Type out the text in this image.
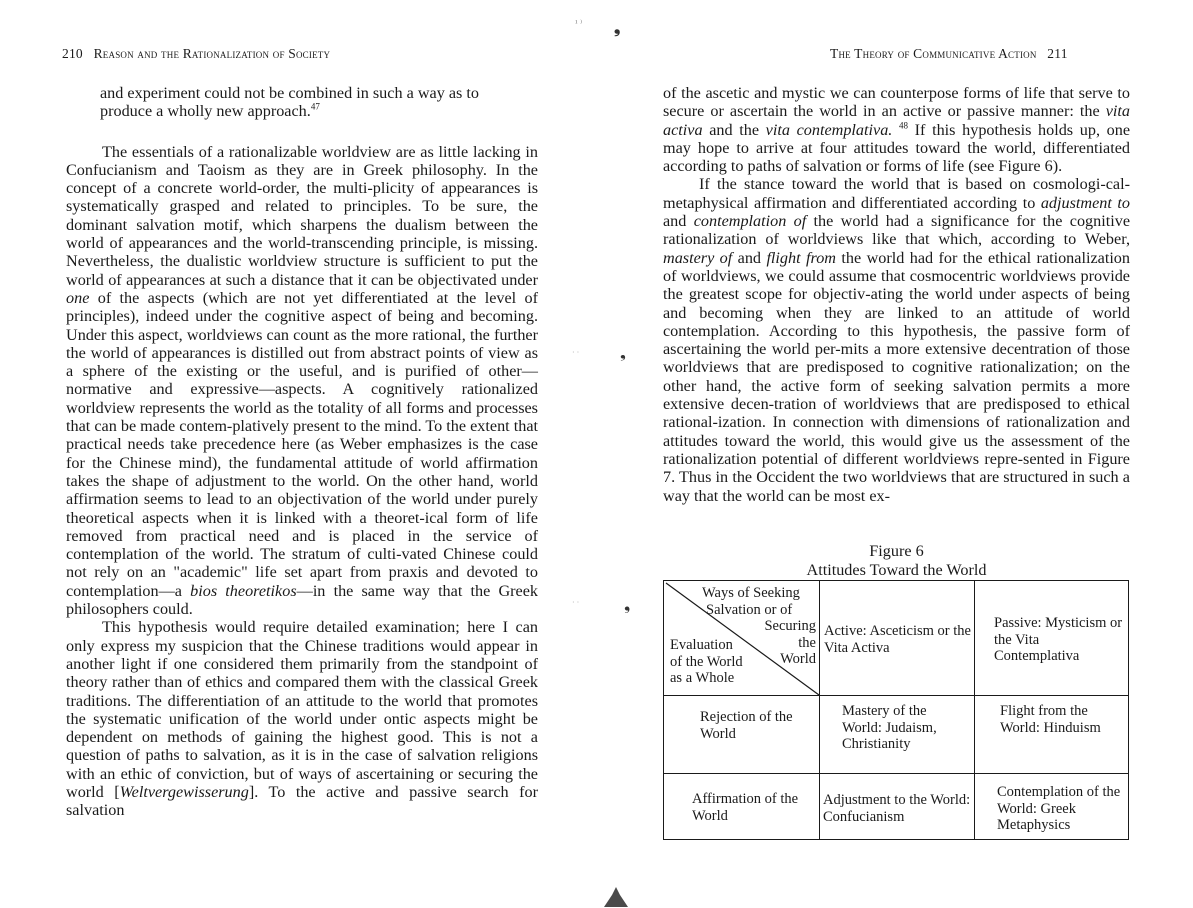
210 Reason and the Rationalization of Society	The Theory of Communicative Action 211
¹ ⁾ ❟
❟
❟
· ·
· ·

and experiment could not be combined in such a way as to produce a wholly new approach.$^{47}$

The essentials of a rationalizable worldview are as little lacking in Confucianism and Taoism as they are in Greek philosophy. In the concept of a concrete world-order, the multi-plicity of appearances is systematically grasped and related to principles. To be sure, the dominant salvation motif, which sharpens the dualism between the world of appearances and the world-transcending principle, is missing. Nevertheless, the dualistic worldview structure is sufficient to put the world of appearances at such a distance that it can be objectivated under one of the aspects (which are not yet differentiated at the level of principles), indeed under the cognitive aspect of being and becoming. Under this aspect, worldviews can count as the more rational, the further the world of appearances is distilled out from abstract points of view as a sphere of the existing or the useful, and is purified of other—normative and expressive—aspects. A cognitively rationalized worldview represents the world as the totality of all forms and processes that can be made contem-platively present to the mind. To the extent that practical needs take precedence here (as Weber emphasizes is the case for the Chinese mind), the fundamental attitude of world affirmation takes the shape of adjustment to the world. On the other hand, world affirmation seems to lead to an objectivation of the world under purely theoretical aspects when it is linked with a theoret-ical form of life removed from practical need and is placed in the service of contemplation of the world. The stratum of culti-vated Chinese could not rely on an "academic" life set apart from praxis and devoted to contemplation—a bios theoretikos—in the same way that the Greek philosophers could.

This hypothesis would require detailed examination; here I can only express my suspicion that the Chinese traditions would appear in another light if one considered them primarily from the standpoint of theory rather than of ethics and compared them with the classical Greek traditions. The differentiation of an attitude to the world that promotes the systematic unification of the world under ontic aspects might be dependent on methods of gaining the highest good. This is not a question of paths to salvation, as it is in the case of salvation religions with an ethic of conviction, but of ways of ascertaining or securing the world [Weltvergewisserung]. To the active and passive search for salvation

of the ascetic and mystic we can counterpose forms of life that serve to secure or ascertain the world in an active or passive manner: the vita activa and the vita contemplativa. $^{48}$ If this hypothesis holds up, one may hope to arrive at four attitudes toward the world, differentiated according to paths of salvation or forms of life (see Figure 6).

If the stance toward the world that is based on cosmologi-cal-metaphysical affirmation and differentiated according to adjustment to and contemplation of the world had a significance for the cognitive rationalization of worldviews like that which, according to Weber, mastery of and flight from the world had for the ethical rationalization of worldviews, we could assume that cosmocentric worldviews provide the greatest scope for objectiv-ating the world under aspects of being and becoming when they are linked to an attitude of world contemplation. According to this hypothesis, the passive form of ascertaining the world per-mits a more extensive decentration of those worldviews that are predisposed to cognitive rationalization; on the other hand, the active form of seeking salvation permits a more extensive decen-tration of worldviews that are predisposed to ethical rational-ization. In connection with dimensions of rationalization and attitudes toward the world, this would give us the assessment of the rationalization potential of different worldviews repre-sented in Figure 7. Thus in the Occident the two worldviews that are structured in such a way that the world can be most ex-

Figure 6
Attitudes Toward the World
Ways of Seeking
Salvation or of
Securing
the
World
Evaluation
of the World
as a Whole
Active: Asceticism or the Vita Activa
Passive: Mysticism or the Vita Contemplativa
Rejection of the World
Mastery of the World: Judaism, Christianity
Flight from the World: Hinduism
Affirmation of the World
Adjustment to the World: Confucianism
Contemplation of the World: Greek Metaphysics
